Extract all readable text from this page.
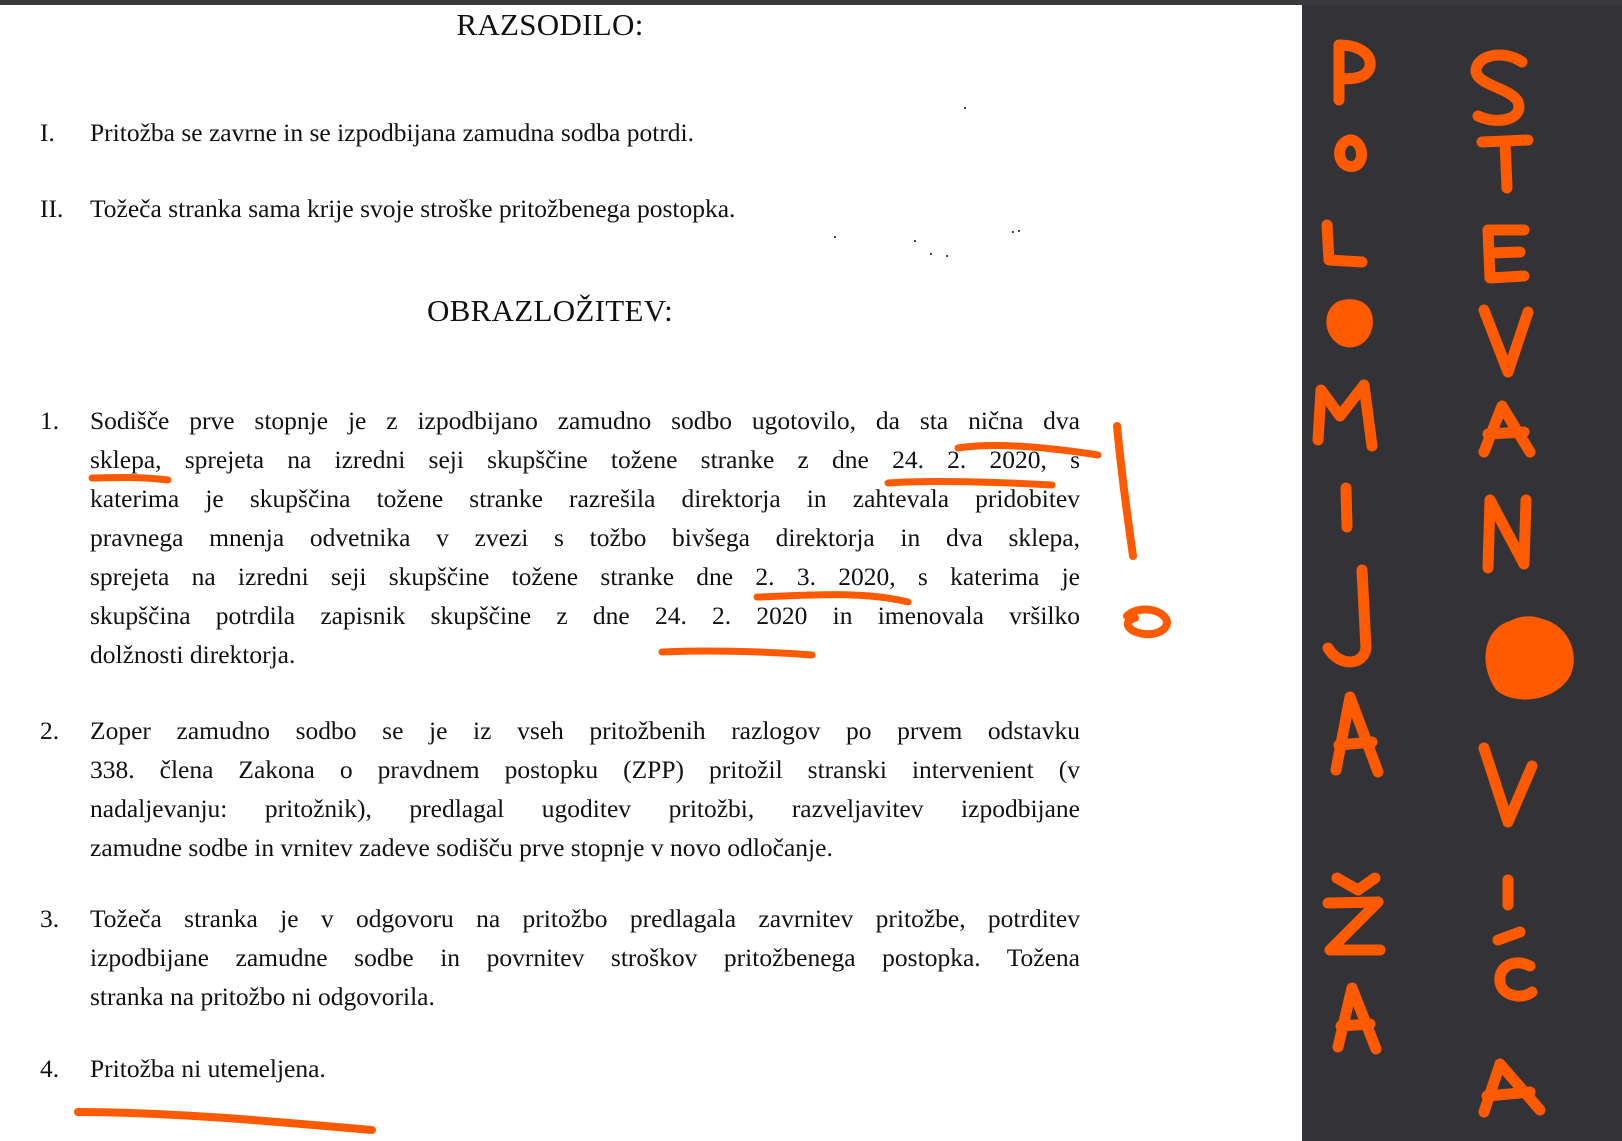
RAZSODILO:
I. Pritožba se zavrne in se izpodbijana zamudna sodba potrdi.
II. Tožeča stranka sama krije svoje stroške pritožbenega postopka.
OBRAZLOŽITEV:
1. Sodišče prve stopnje je z izpodbijano zamudno sodbo ugotovilo, da sta nična dva
sklepa, sprejeta na izredni seji skupščine tožene stranke z dne 24. 2. 2020, s
katerima je skupščina tožene stranke razrešila direktorja in zahtevala pridobitev
pravnega mnenja odvetnika v zvezi s tožbo bivšega direktorja in dva sklepa,
sprejeta na izredni seji skupščine tožene stranke dne 2. 3. 2020, s katerima je
skupščina potrdila zapisnik skupščine z dne 24. 2. 2020 in imenovala vršilko
dolžnosti direktorja.
2. Zoper zamudno sodbo se je iz vseh pritožbenih razlogov po prvem odstavku
338. člena Zakona o pravdnem postopku (ZPP) pritožil stranski intervenient (v
nadaljevanju: pritožnik), predlagal ugoditev pritožbi, razveljavitev izpodbijane
zamudne sodbe in vrnitev zadeve sodišču prve stopnje v novo odločanje.
3. Tožeča stranka je v odgovoru na pritožbo predlagala zavrnitev pritožbe, potrditev
izpodbijane zamudne sodbe in povrnitev stroškov pritožbenega postopka. Tožena
stranka na pritožbo ni odgovorila.
4. Pritožba ni utemeljena.
